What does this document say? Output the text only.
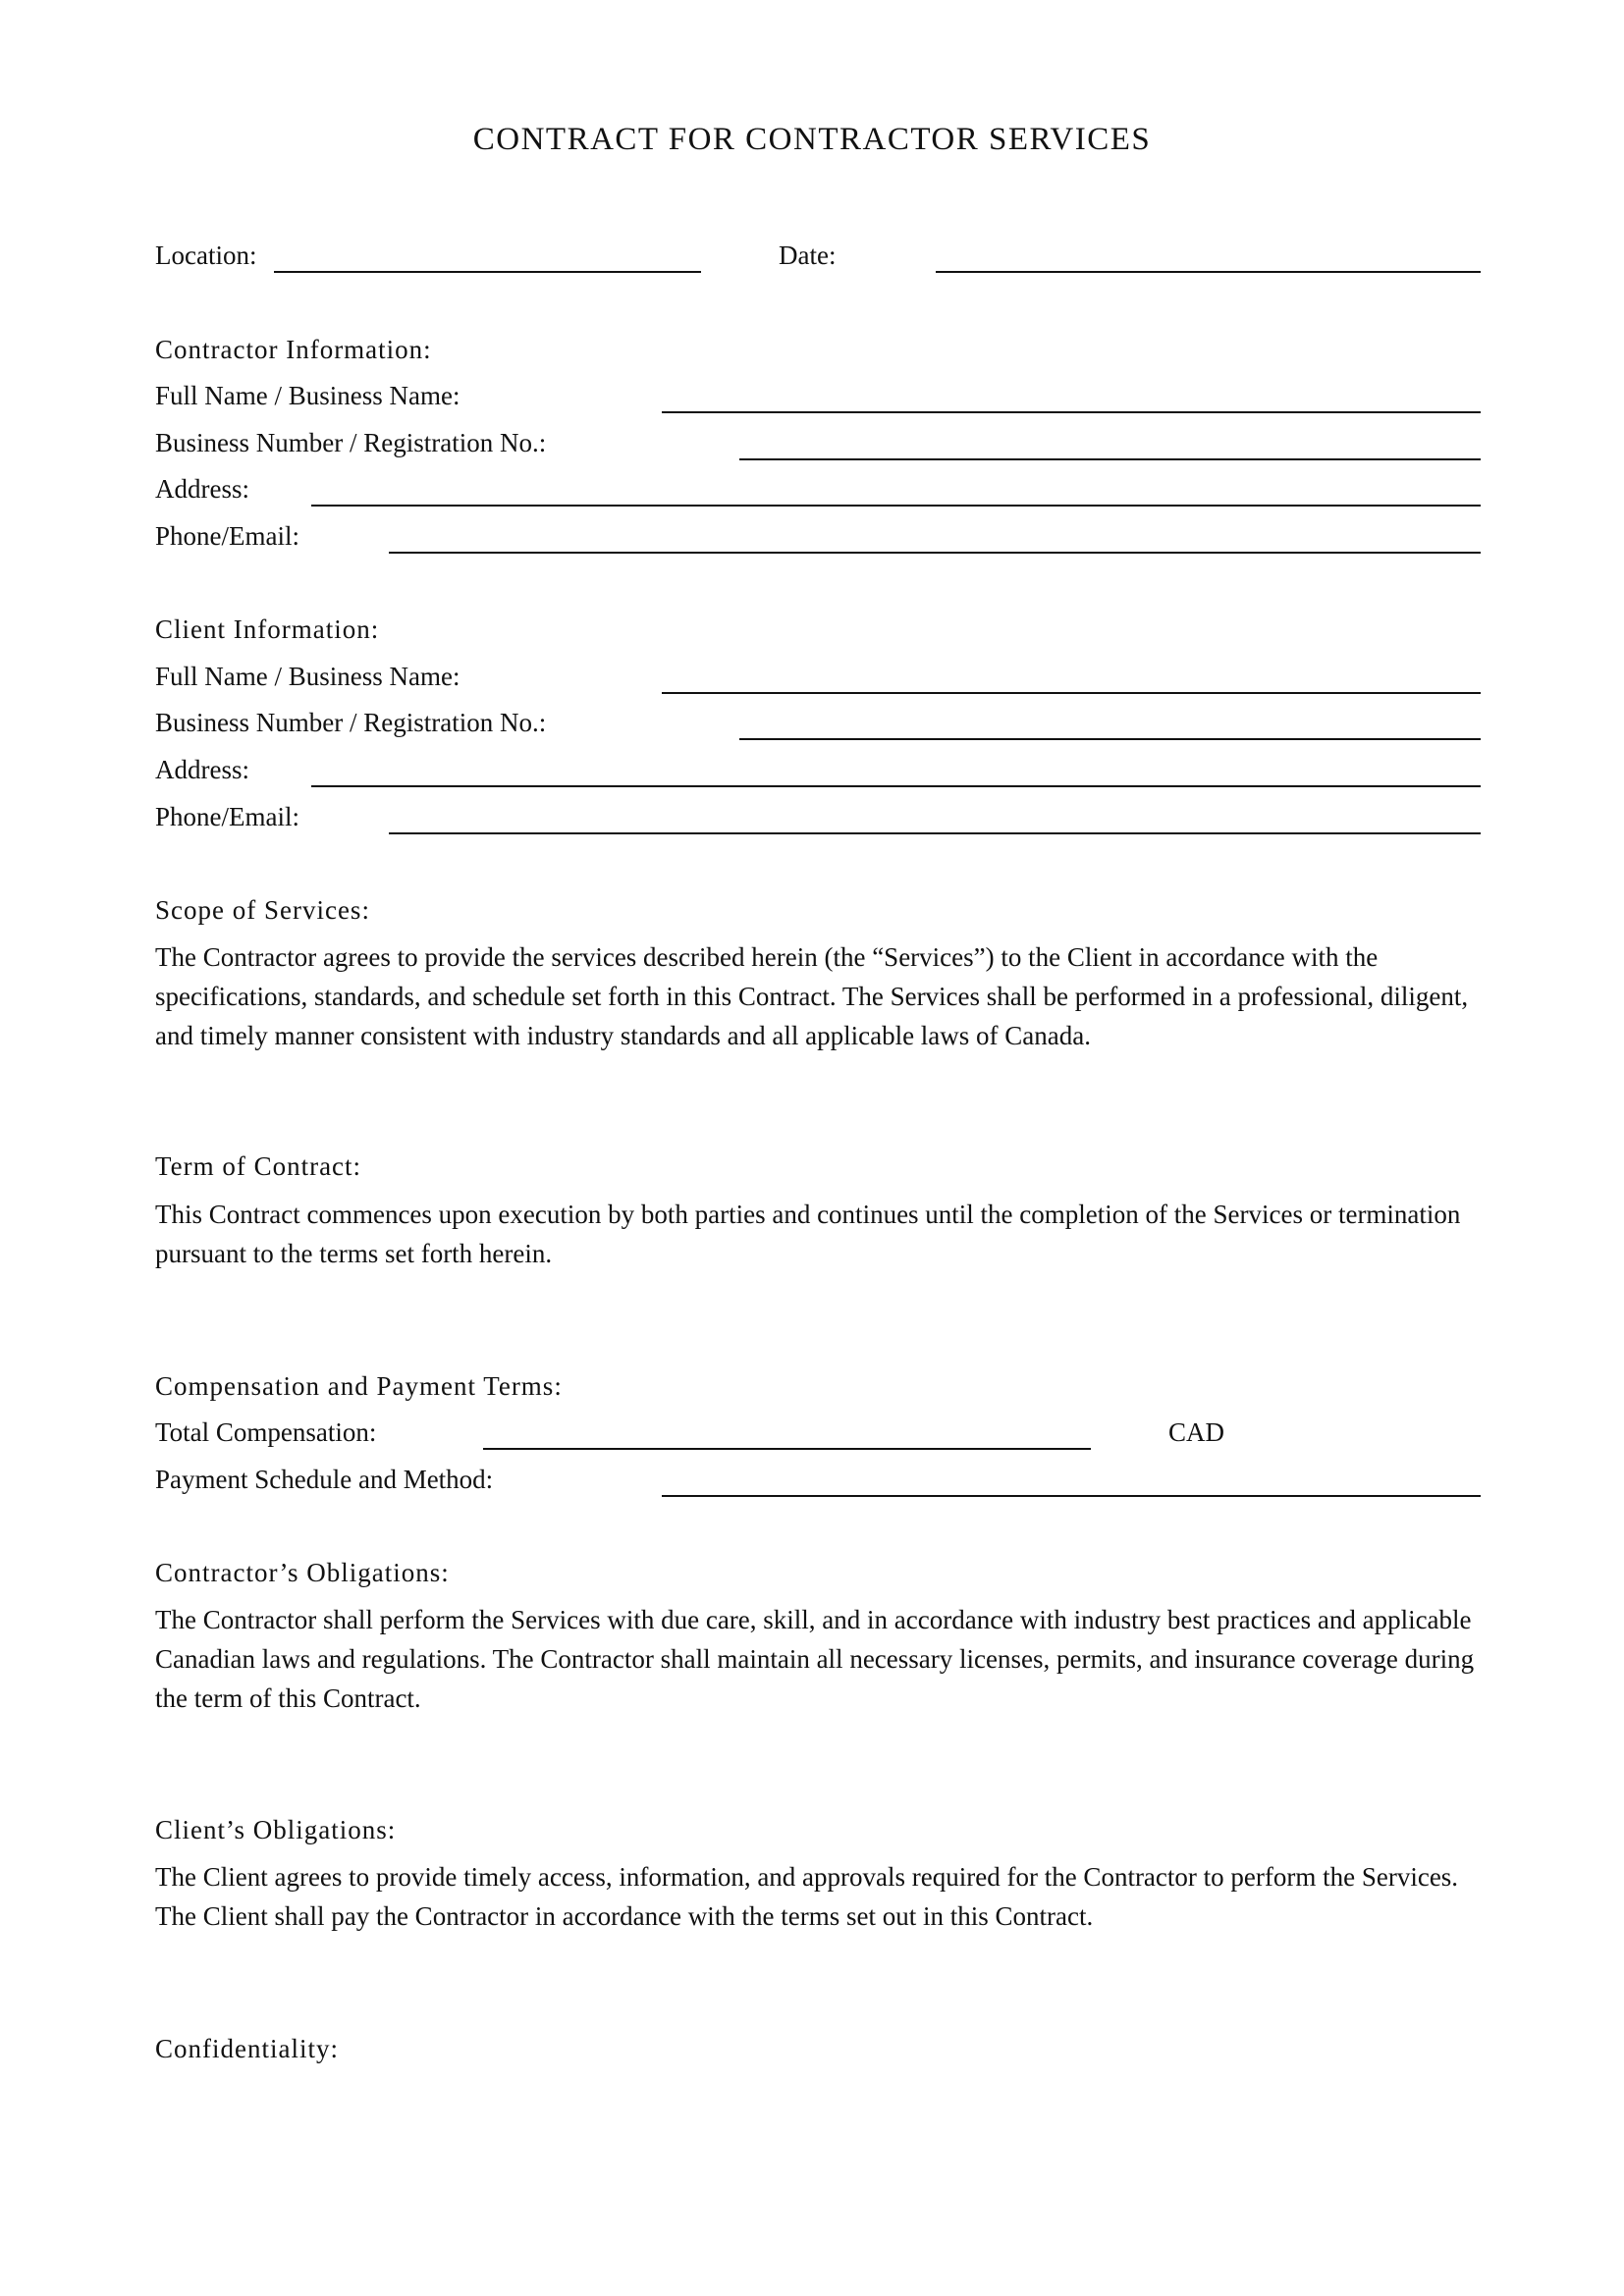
CONTRACT FOR CONTRACTOR SERVICES
Location:	Date:
Contractor Information:
Full Name / Business Name:
Business Number / Registration No.:
Address:
Phone/Email:
Client Information:
Full Name / Business Name:
Business Number / Registration No.:
Address:
Phone/Email:
Scope of Services:
The Contractor agrees to provide the services described herein (the “Services”) to the Client in accordance with the specifications, standards, and schedule set forth in this Contract. The Services shall be performed in a professional, diligent, and timely manner consistent with industry standards and all applicable laws of Canada.
Term of Contract:
This Contract commences upon execution by both parties and continues until the completion of the Services or termination pursuant to the terms set forth herein.
Compensation and Payment Terms:
Total Compensation:	CAD
Payment Schedule and Method:
Contractor’s Obligations:
The Contractor shall perform the Services with due care, skill, and in accordance with industry best practices and applicable Canadian laws and regulations. The Contractor shall maintain all necessary licenses, permits, and insurance coverage during the term of this Contract.
Client’s Obligations:
The Client agrees to provide timely access, information, and approvals required for the Contractor to perform the Services. The Client shall pay the Contractor in accordance with the terms set out in this Contract.
Confidentiality:
